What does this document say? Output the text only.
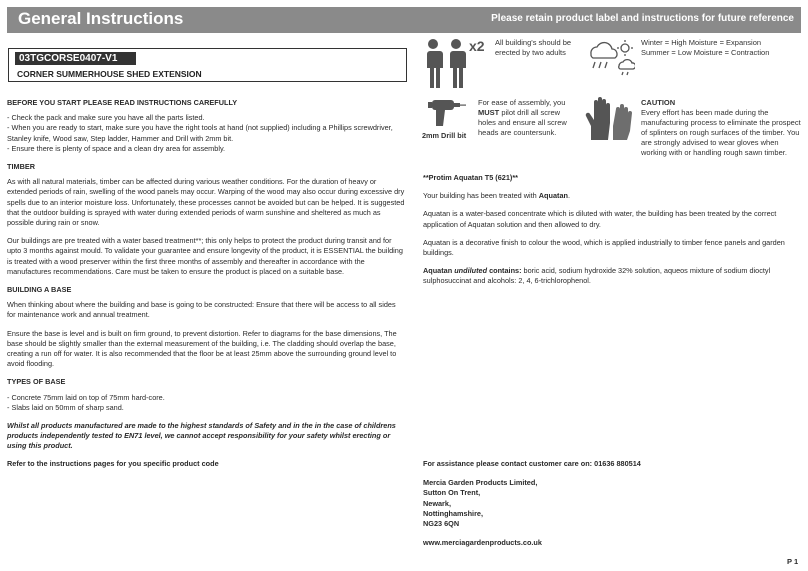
General Instructions	Please retain product label and instructions for future reference
03TGCORSE0407-V1
CORNER SUMMERHOUSE SHED EXTENSION
BEFORE YOU START PLEASE READ INSTRUCTIONS CAREFULLY

- Check the pack and make sure you have all the parts listed.
- When you are ready to start, make sure you have the right tools at hand (not supplied) including a Phillips screwdriver, Stanley knife, Wood saw, Step ladder, Hammer and Drill with 2mm bit.
- Ensure there is plenty of space and a clean dry area for assembly.

TIMBER

As with all natural materials, timber can be affected during various weather conditions. For the duration of heavy or extended periods of rain, swelling of the wood panels may occur. Warping of the wood may also occur during excessive dry spells due to an interior moisture loss. Unfortunately, these processes cannot be avoided but can be helped. It is suggested that the outdoor building is sprayed with water during extended periods of warm sunshine and sheltered as much as possible during rain or snow.

Our buildings are pre treated with a water based treatment**; this only helps to protect the product during transit and for upto 3 months against mould. To validate your guarantee and ensure longevity of the product, it is ESSENTIAL the building is treated with a wood preserver within the first three months of assembly and thereafter in accordance with the manufactures recommendations. Care must be taken to ensure the product is placed on a suitable base.

BUILDING A BASE

When thinking about where the building and base is going to be constructed: Ensure that there will be access to all sides for maintenance work and annual treatment.

Ensure the base is level and is built on firm ground, to prevent distortion. Refer to diagrams for the base dimensions, The base should be slightly smaller than the external measurement of the building, i.e. The cladding should overlap the base, creating a run off for water. It is also recommended that the floor be at least 25mm above the surrounding ground level to avoid flooding.

TYPES OF BASE

- Concrete 75mm laid on top of 75mm hard-core.
- Slabs laid on 50mm of sharp sand.

Whilst all products manufactured are made to the highest standards of Safety and in the in the case of childrens products independently tested to EN71 level, we cannot accept responsibility for your safety whilst erecting or using this product.

Refer to the instructions pages for you specific product code

x2 All building's should be erected by two adults
Winter = High Moisture = Expansion
Summer = Low Moisture = Contraction
2mm Drill bit
For ease of assembly, you MUST pilot drill all screw holes and ensure all screw heads are countersunk.
CAUTION
Every effort has been made during the manufacturing process to eliminate the prospect of splinters on rough surfaces of the timber. You are strongly advised to wear gloves when working with or handling rough sawn timber.

**Protim Aquatan T5 (621)**

Your building has been treated with Aquatan.

Aquatan is a water-based concentrate which is diluted with water, the building has been treated by the correct application of Aquatan solution and then allowed to dry.

Aquatan is a decorative finish to colour the wood, which is applied industrially to timber fence panels and garden buildings.

Aquatan undiluted contains: boric acid, sodium hydroxide 32% solution, aqueos mixture of sodium dioctyl sulphosuccinat and alcohols: 2, 4, 6-trichlorophenol.

For assistance please contact customer care on: 01636 880514

Mercia Garden Products Limited,
Sutton On Trent,
Newark,
Nottinghamshire,
NG23 6QN

www.merciagardenproducts.co.uk

P 1
